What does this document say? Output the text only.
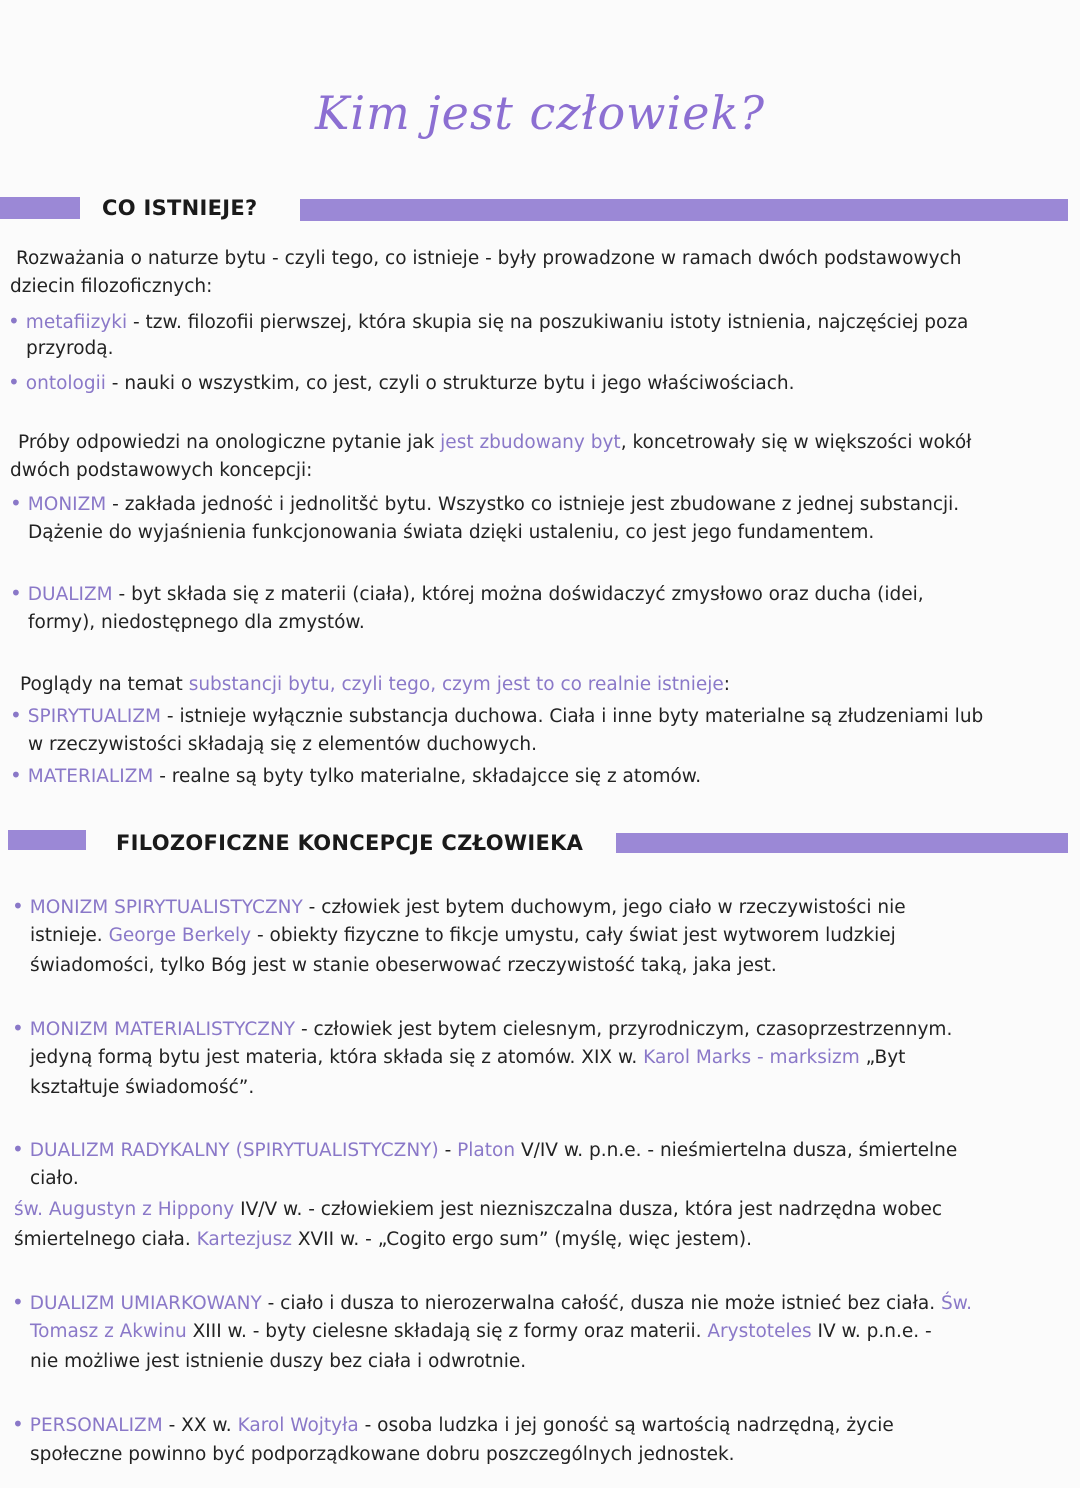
Kim jest człowiek?
CO ISTNIEJE?
Rozważania o naturze bytu - czyli tego, co istnieje - były prowadzone w ramach dwóch podstawowych
dziecin filozoficznych:
• metafiizyki - tzw. filozofii pierwszej, która skupia się na poszukiwaniu istoty istnienia, najczęściej poza
przyrodą.
• ontologii - nauki o wszystkim, co jest, czyli o strukturze bytu i jego właściwościach.
Próby odpowiedzi na onologiczne pytanie jak jest zbudowany byt, koncetrowały się w większości wokół
dwóch podstawowych koncepcji:
• MONIZM - zakłada jednośċ i jednolitšċ bytu. Wszystko co istnieje jest zbudowane z jednej substancji.
Dążenie do wyjaśnienia funkcjonowania świata dzięki ustaleniu, co jest jego fundamentem.
• DUALIZM - byt składa się z materii (ciała), której można doświdaczyć zmysłowo oraz ducha (idei,
formy), niedostępnego dla zmystów.
Poglądy na temat substancji bytu, czyli tego, czym jest to co realnie istnieje:
• SPIRYTUALIZM - istnieje wyłącznie substancja duchowa. Ciała i inne byty materialne są złudzeniami lub
w rzeczywistości składają się z elementów duchowych.
• MATERIALIZM - realne są byty tylko materialne, składajcce się z atomów.
FILOZOFICZNE KONCEPCJE CZŁOWIEKA
• MONIZM SPIRYTUALISTYCZNY - człowiek jest bytem duchowym, jego ciało w rzeczywistości nie
istnieje. George Berkely - obiekty fizyczne to fikcje umystu, cały świat jest wytworem ludzkiej
świadomości, tylko Bóg jest w stanie obeserwować rzeczywistość taką, jaka jest.
• MONIZM MATERIALISTYCZNY - człowiek jest bytem cielesnym, przyrodniczym, czasoprzestrzennym.
jedyną formą bytu jest materia, która składa się z atomów. XIX w. Karol Marks - marksizm „Byt
kształtuje świadomość”.
• DUALIZM RADYKALNY (SPIRYTUALISTYCZNY) - Platon V/IV w. p.n.e. - nieśmiertelna dusza, śmiertelne
ciało.
św. Augustyn z Hippony IV/V w. - człowiekiem jest niezniszczalna dusza, która jest nadrzędna wobec
śmiertelnego ciała. Kartezjusz XVII w. - „Cogito ergo sum” (myślę, więc jestem).
• DUALIZM UMIARKOWANY - ciało i dusza to nierozerwalna całość, dusza nie może istnieć bez ciała. Św.
Tomasz z Akwinu XIII w. - byty cielesne składają się z formy oraz materii. Arystoteles IV w. p.n.e. -
nie możliwe jest istnienie duszy bez ciała i odwrotnie.
• PERSONALIZM - XX w. Karol Wojtyła - osoba ludzka i jej gonośċ są wartością nadrzędną, życie
społeczne powinno być podporządkowane dobru poszczególnych jednostek.
